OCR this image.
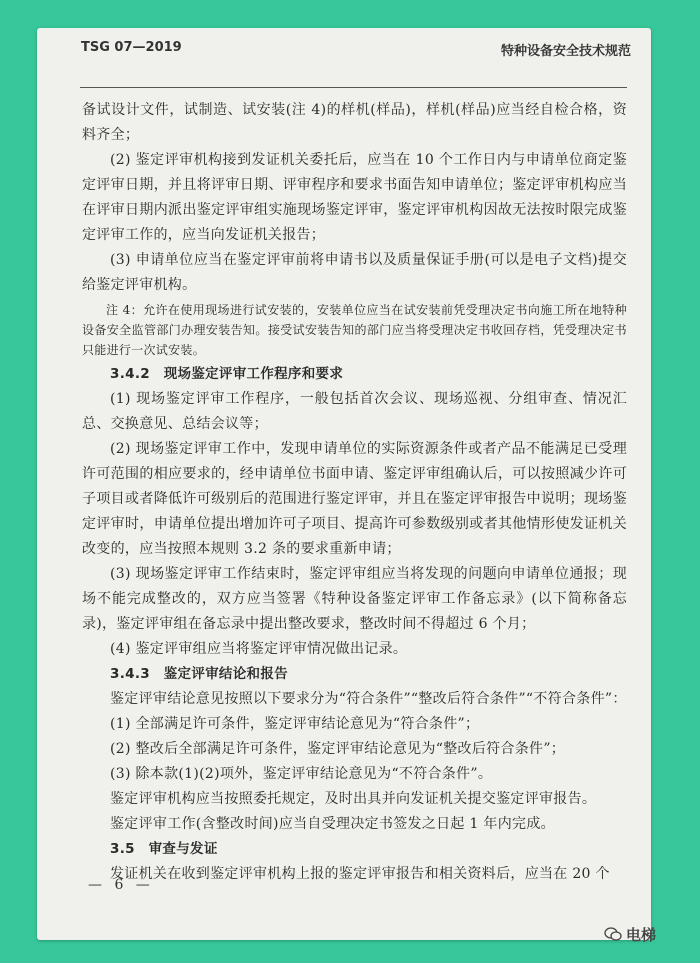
TSG 07—2019	特种设备安全技术规范

备试设计文件，试制造、试安装(注 4)的样机(样品)，样机(样品)应当经自检合格，资料齐全；

(2) 鉴定评审机构接到发证机关委托后，应当在 10 个工作日内与申请单位商定鉴定评审日期，并且将评审日期、评审程序和要求书面告知申请单位；鉴定评审机构应当在评审日期内派出鉴定评审组实施现场鉴定评审，鉴定评审机构因故无法按时限完成鉴定评审工作的，应当向发证机关报告；

(3) 申请单位应当在鉴定评审前将申请书以及质量保证手册(可以是电子文档)提交给鉴定评审机构。

注 4：允许在使用现场进行试安装的，安装单位应当在试安装前凭受理决定书向施工所在地特种设备安全监管部门办理安装告知。接受试安装告知的部门应当将受理决定书收回存档，凭受理决定书只能进行一次试安装。

3.4.2　现场鉴定评审工作程序和要求

(1) 现场鉴定评审工作程序，一般包括首次会议、现场巡视、分组审查、情况汇总、交换意见、总结会议等；

(2) 现场鉴定评审工作中，发现申请单位的实际资源条件或者产品不能满足已受理许可范围的相应要求的，经申请单位书面申请、鉴定评审组确认后，可以按照减少许可子项目或者降低许可级别后的范围进行鉴定评审，并且在鉴定评审报告中说明；现场鉴定评审时，申请单位提出增加许可子项目、提高许可参数级别或者其他情形使发证机关改变的，应当按照本规则 3.2 条的要求重新申请；

(3) 现场鉴定评审工作结束时，鉴定评审组应当将发现的问题向申请单位通报；现场不能完成整改的，双方应当签署《特种设备鉴定评审工作备忘录》(以下简称备忘录)，鉴定评审组在备忘录中提出整改要求，整改时间不得超过 6 个月；

(4) 鉴定评审组应当将鉴定评审情况做出记录。

3.4.3　鉴定评审结论和报告

鉴定评审结论意见按照以下要求分为“符合条件”“整改后符合条件”“不符合条件”：

(1) 全部满足许可条件，鉴定评审结论意见为“符合条件”；

(2) 整改后全部满足许可条件，鉴定评审结论意见为“整改后符合条件”；

(3) 除本款(1)(2)项外，鉴定评审结论意见为“不符合条件”。

鉴定评审机构应当按照委托规定，及时出具并向发证机关提交鉴定评审报告。

鉴定评审工作(含整改时间)应当自受理决定书签发之日起 1 年内完成。

3.5　审查与发证

发证机关在收到鉴定评审机构上报的鉴定评审报告和相关资料后，应当在 20 个

— 6 —
电梯
